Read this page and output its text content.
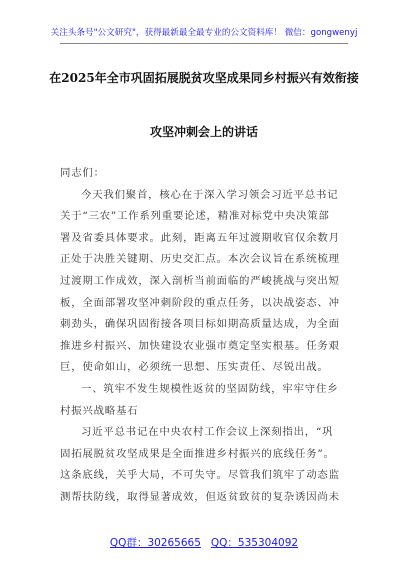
关注头条号"公文研究"，获得最新最全最专业的公文资料库！ 微信：gongwenyj
在2025年全市巩固拓展脱贫攻坚成果同乡村振兴有效衔接
攻坚冲刺会上的讲话
同志们：
今天我们聚首，核心在于深入学习领会习近平总书记
关于“三农”工作系列重要论述，精准对标党中央决策部
署及省委具体要求。此刻，距离五年过渡期收官仅余数月
正处于决胜关键期、历史交汇点。本次会议旨在系统梳理
过渡期工作成效，深入剖析当前面临的严峻挑战与突出短
板，全面部署攻坚冲刺阶段的重点任务，以决战姿态、冲
刺劲头，确保巩固衔接各项目标如期高质量达成，为全面
推进乡村振兴、加快建设农业强市奠定坚实根基。任务艰
巨，使命如山，必须统一思想、压实责任、尽锐出战。
一、筑牢不发生规模性返贫的坚固防线，牢牢守住乡
村振兴战略基石
习近平总书记在中央农村工作会议上深刻指出，“巩
固拓展脱贫攻坚成果是全面推进乡村振兴的底线任务”。
这条底线，关乎大局，不可失守。尽管我们筑牢了动态监
测帮扶防线，取得显著成效，但返贫致贫的复杂诱因尚未
QQ群：30265665 QQ：535304092
